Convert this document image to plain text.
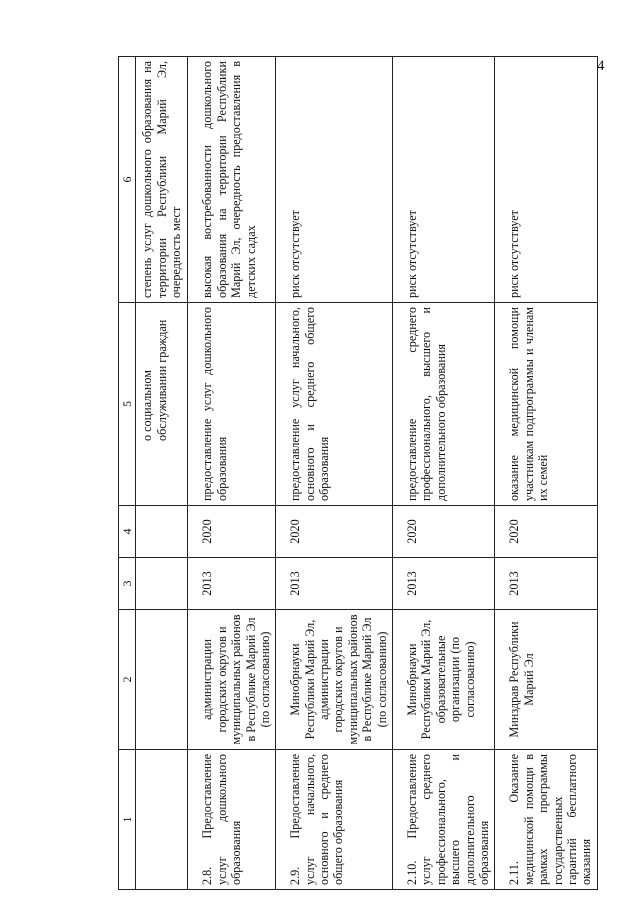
4
1	2	3	4	5	6

				о социальном обслуживании граждан	степень услуг дошкольного образования на территории Республики Марий Эл, очередность мест
2.8. Предоставление услуг дошкольного образования	администрации городских округов и муниципальных районов в Республике Марий Эл (по согласованию)	2013	2020	предоставление услуг дошкольного образования	высокая востребованности дошкольного образования на территории Республики Марий Эл, очередность предоставления в детских садах
2.9. Предоставление услуг начального, основного и среднего общего образования	Минобрнауки Республики Марий Эл, администрации городских округов и муниципальных районов в Республике Марий Эл (по согласованию)	2013	2020	предоставление услуг начального, основного и среднего общего образования	риск отсутствует
2.10. Предоставление услуг среднего профессионального, высшего и дополнительного образования	Минобрнауки Республики Марий Эл, образовательные организации (по согласованию)	2013	2020	предоставление среднего профессионального, высшего и дополнительного образования	риск отсутствует
2.11. Оказание медицинской помощи в рамках программы государственных гарантий бесплатного оказания	Минздрав Республики Марий Эл	2013	2020	оказание медицинской помощи участникам подпрограммы и членам их семей	риск отсутствует
